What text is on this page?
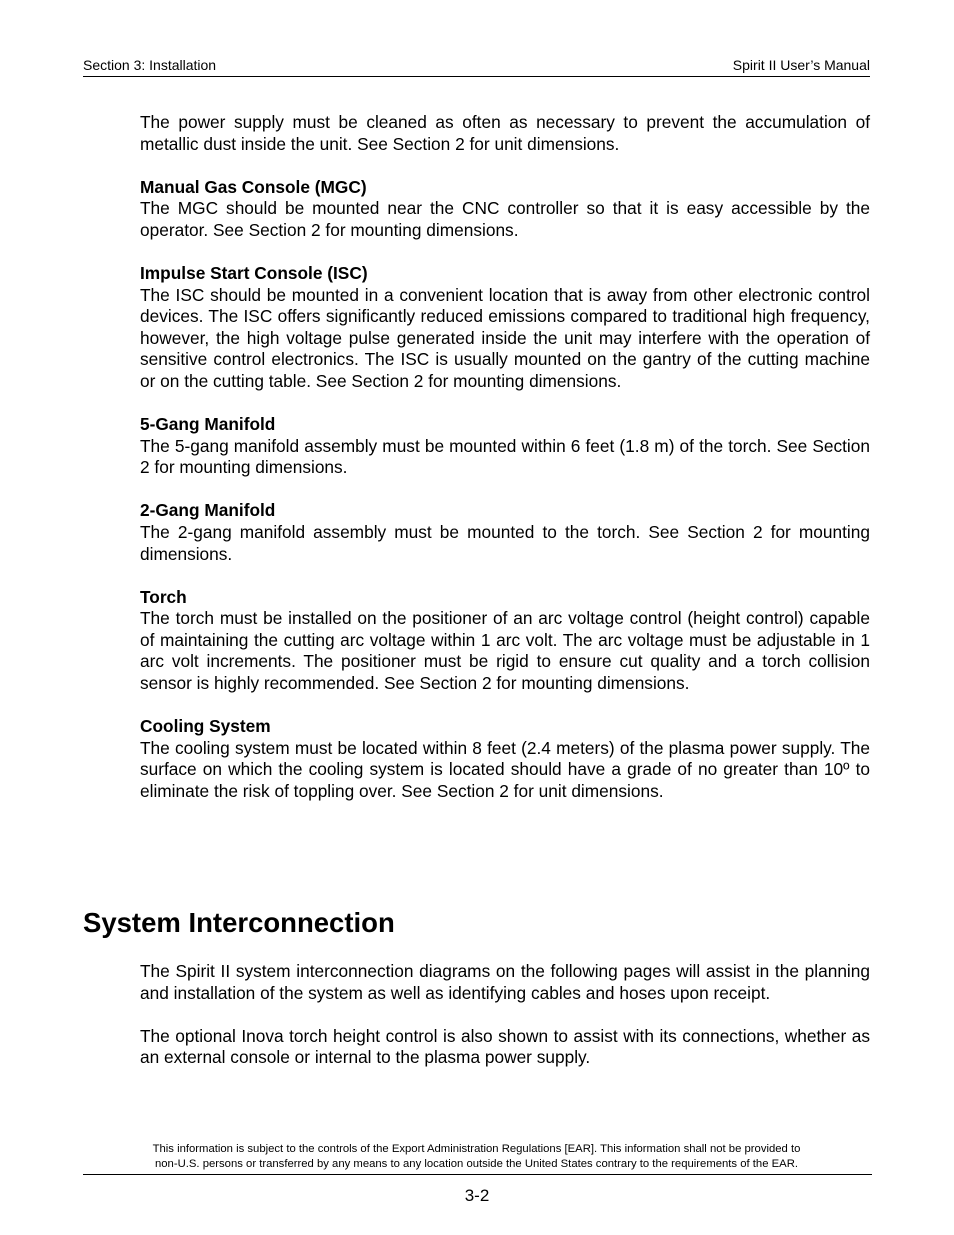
Section 3: Installation	Spirit II User’s Manual

The power supply must be cleaned as often as necessary to prevent the accumulation of metallic dust inside the unit. See Section 2 for unit dimensions.

Manual Gas Console (MGC)
The MGC should be mounted near the CNC controller so that it is easy accessible by the operator. See Section 2 for mounting dimensions.
Impulse Start Console (ISC)
The ISC should be mounted in a convenient location that is away from other electronic control devices. The ISC offers significantly reduced emissions compared to traditional high frequency, however, the high voltage pulse generated inside the unit may interfere with the operation of sensitive control electronics. The ISC is usually mounted on the gantry of the cutting machine or on the cutting table. See Section 2 for mounting dimensions.
5-Gang Manifold
The 5-gang manifold assembly must be mounted within 6 feet (1.8 m) of the torch. See Section 2 for mounting dimensions.
2-Gang Manifold
The 2-gang manifold assembly must be mounted to the torch. See Section 2 for mounting dimensions.
Torch
The torch must be installed on the positioner of an arc voltage control (height control) capable of maintaining the cutting arc voltage within 1 arc volt. The arc voltage must be adjustable in 1 arc volt increments. The positioner must be rigid to ensure cut quality and a torch collision sensor is highly recommended. See Section 2 for mounting dimensions.
Cooling System
The cooling system must be located within 8 feet (2.4 meters) of the plasma power supply. The surface on which the cooling system is located should have a grade of no greater than 10º to eliminate the risk of toppling over. See Section 2 for unit dimensions.
System Interconnection

The Spirit II system interconnection diagrams on the following pages will assist in the planning and installation of the system as well as identifying cables and hoses upon receipt.

The optional Inova torch height control is also shown to assist with its connections, whether as an external console or internal to the plasma power supply.

This information is subject to the controls of the Export Administration Regulations [EAR]. This information shall not be provided to
non-U.S. persons or transferred by any means to any location outside the United States contrary to the requirements of the EAR.
3-2
